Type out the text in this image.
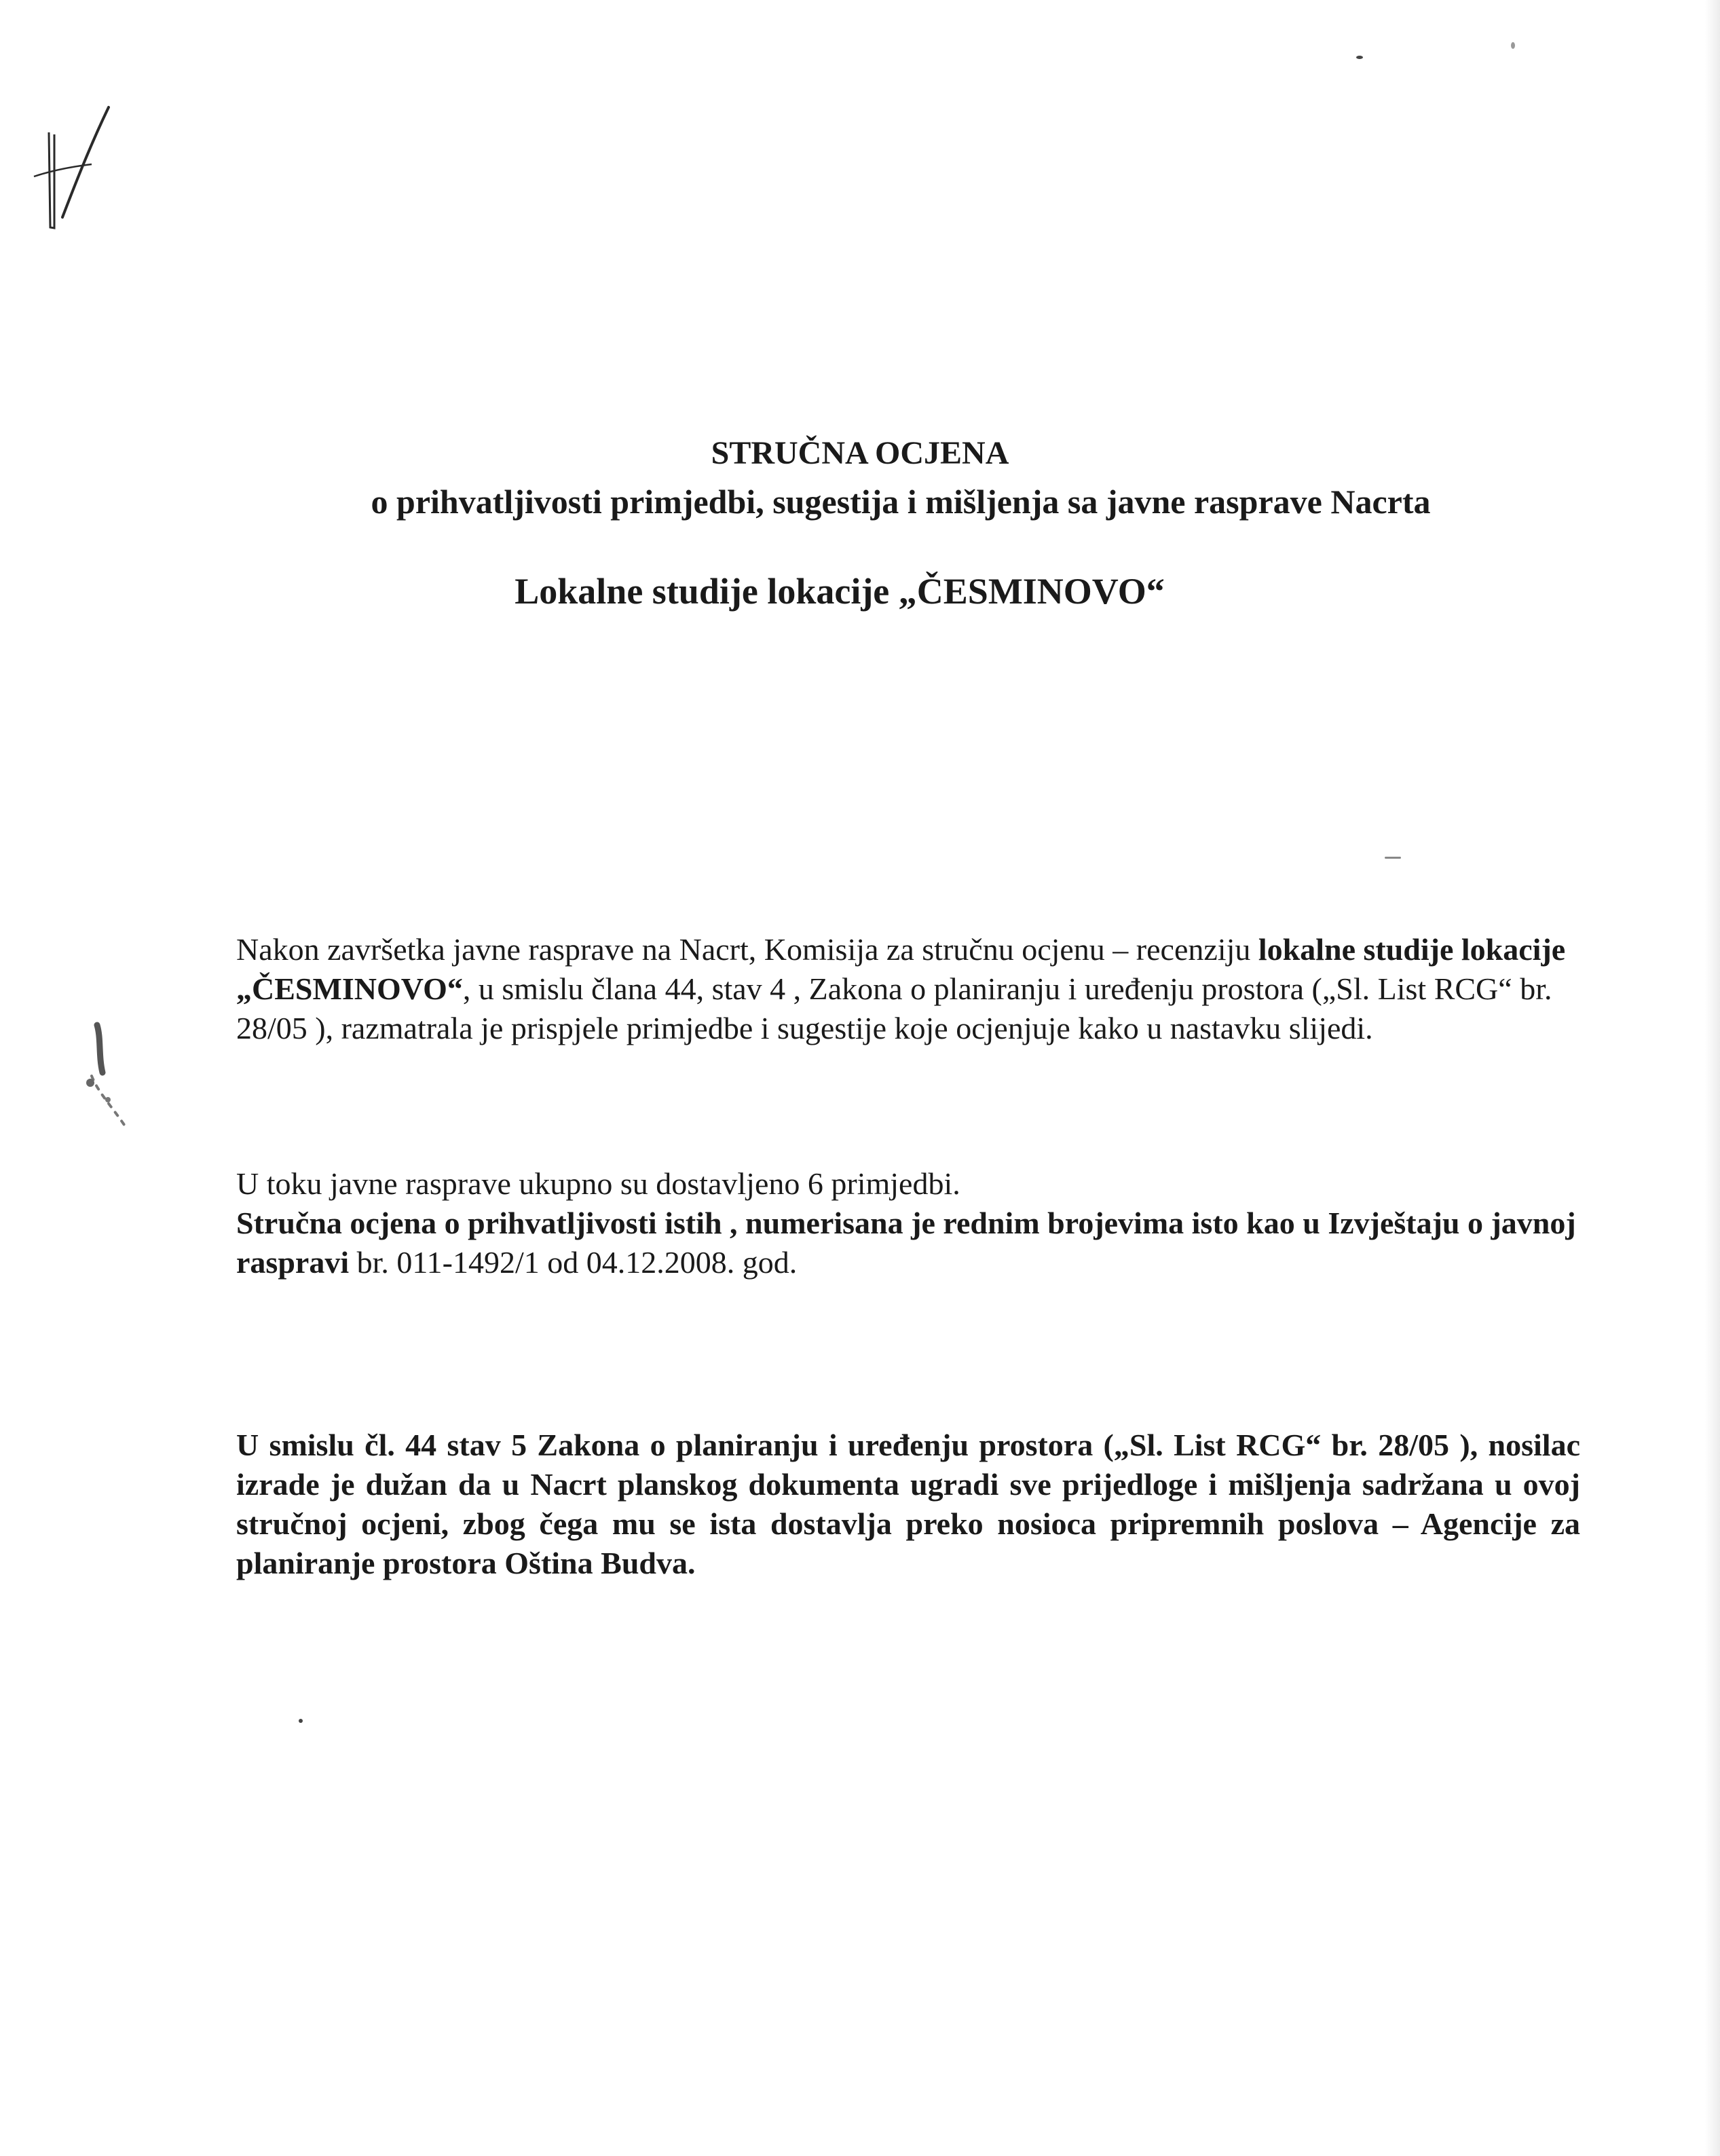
STRUČNA OCJENA
o prihvatljivosti primjedbi, sugestija i mišljenja sa javne rasprave Nacrta
Lokalne studije lokacije „ČESMINOVO“

Nakon završetka javne rasprave na Nacrt, Komisija za stručnu ocjenu – recenziju lokalne studije lokacije „ČESMINOVO“, u smislu člana 44, stav 4 , Zakona o planiranju i uređenju prostora („Sl. List RCG“ br. 28/05 ), razmatrala je prispjele primjedbe i sugestije koje ocjenjuje kako u nastavku slijedi.

U toku javne rasprave ukupno su dostavljeno 6 primjedbi.
Stručna ocjena o prihvatljivosti istih , numerisana je rednim brojevima isto kao u Izvještaju o javnoj raspravi br. 011-1492/1 od 04.12.2008. god.

U smislu čl. 44 stav 5 Zakona o planiranju i uređenju prostora („Sl. List RCG“ br. 28/05 ), nosilac izrade je dužan da u Nacrt planskog dokumenta ugradi sve prijedloge i mišljenja sadržana u ovoj stručnoj ocjeni, zbog čega mu se ista dostavlja preko nosioca pripremnih poslova – Agencije za planiranje prostora Oština Budva.
